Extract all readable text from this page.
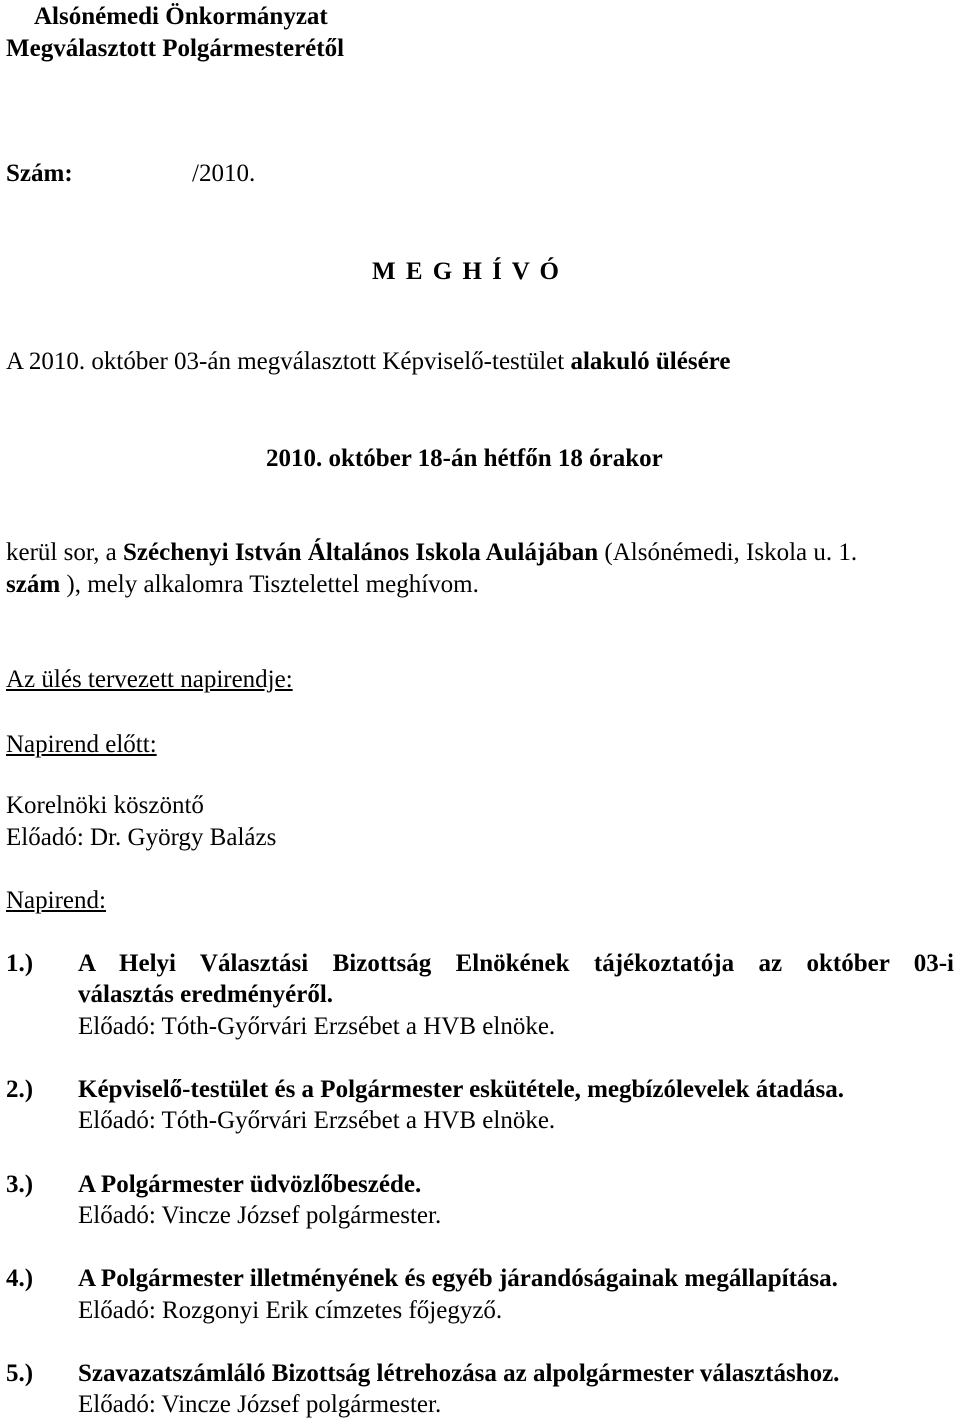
Alsónémedi Önkormányzat
Megválasztott Polgármesterétől
Szám:	/2010.
M E G H Í V Ó
A 2010. október 03-án megválasztott Képviselő-testület alakuló ülésére
2010. október 18-án hétfőn 18 órakor
kerül sor, a Széchenyi István Általános Iskola Aulájában (Alsónémedi, Iskola u. 1.
szám ), mely alkalomra Tisztelettel meghívom.
Az ülés tervezett napirendje:
Napirend előtt:
Korelnöki köszöntő
Előadó: Dr. György Balázs
Napirend:
1.) A Helyi Választási Bizottság Elnökének tájékoztatója az október 03-i
választás eredményéről.
Előadó: Tóth-Győrvári Erzsébet a HVB elnöke.
2.) Képviselő-testület és a Polgármester eskütétele, megbízólevelek átadása.
Előadó: Tóth-Győrvári Erzsébet a HVB elnöke.
3.) A Polgármester üdvözlőbeszéde.
Előadó: Vincze József polgármester.
4.) A Polgármester illetményének és egyéb járandóságainak megállapítása.
Előadó: Rozgonyi Erik címzetes főjegyző.
5.) Szavazatszámláló Bizottság létrehozása az alpolgármester választáshoz.
Előadó: Vincze József polgármester.
